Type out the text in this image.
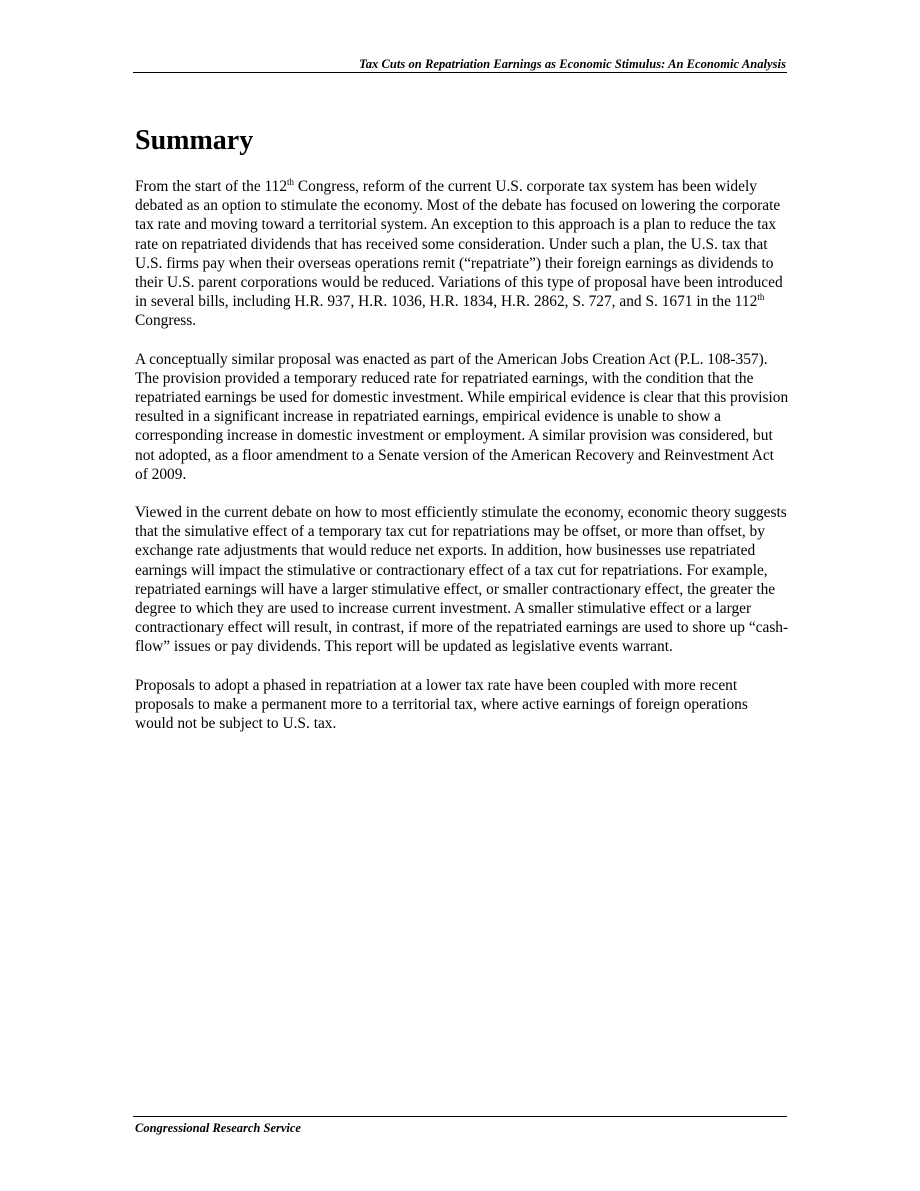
Tax Cuts on Repatriation Earnings as Economic Stimulus: An Economic Analysis
Summary

From the start of the 112th Congress, reform of the current U.S. corporate tax system has been widely debated as an option to stimulate the economy. Most of the debate has focused on lowering the corporate tax rate and moving toward a territorial system. An exception to this approach is a plan to reduce the tax rate on repatriated dividends that has received some consideration. Under such a plan, the U.S. tax that U.S. firms pay when their overseas operations remit (“repatriate”) their foreign earnings as dividends to their U.S. parent corporations would be reduced. Variations of this type of proposal have been introduced in several bills, including H.R. 937, H.R. 1036, H.R. 1834, H.R. 2862, S. 727, and S. 1671 in the 112th Congress.

A conceptually similar proposal was enacted as part of the American Jobs Creation Act (P.L. 108-357). The provision provided a temporary reduced rate for repatriated earnings, with the condition that the repatriated earnings be used for domestic investment. While empirical evidence is clear that this provision resulted in a significant increase in repatriated earnings, empirical evidence is unable to show a corresponding increase in domestic investment or employment. A similar provision was considered, but not adopted, as a floor amendment to a Senate version of the American Recovery and Reinvestment Act of 2009.

Viewed in the current debate on how to most efficiently stimulate the economy, economic theory suggests that the simulative effect of a temporary tax cut for repatriations may be offset, or more than offset, by exchange rate adjustments that would reduce net exports. In addition, how businesses use repatriated earnings will impact the stimulative or contractionary effect of a tax cut for repatriations. For example, repatriated earnings will have a larger stimulative effect, or smaller contractionary effect, the greater the degree to which they are used to increase current investment. A smaller stimulative effect or a larger contractionary effect will result, in contrast, if more of the repatriated earnings are used to shore up “cash-flow” issues or pay dividends. This report will be updated as legislative events warrant.

Proposals to adopt a phased in repatriation at a lower tax rate have been coupled with more recent proposals to make a permanent more to a territorial tax, where active earnings of foreign operations would not be subject to U.S. tax.

Congressional Research Service
